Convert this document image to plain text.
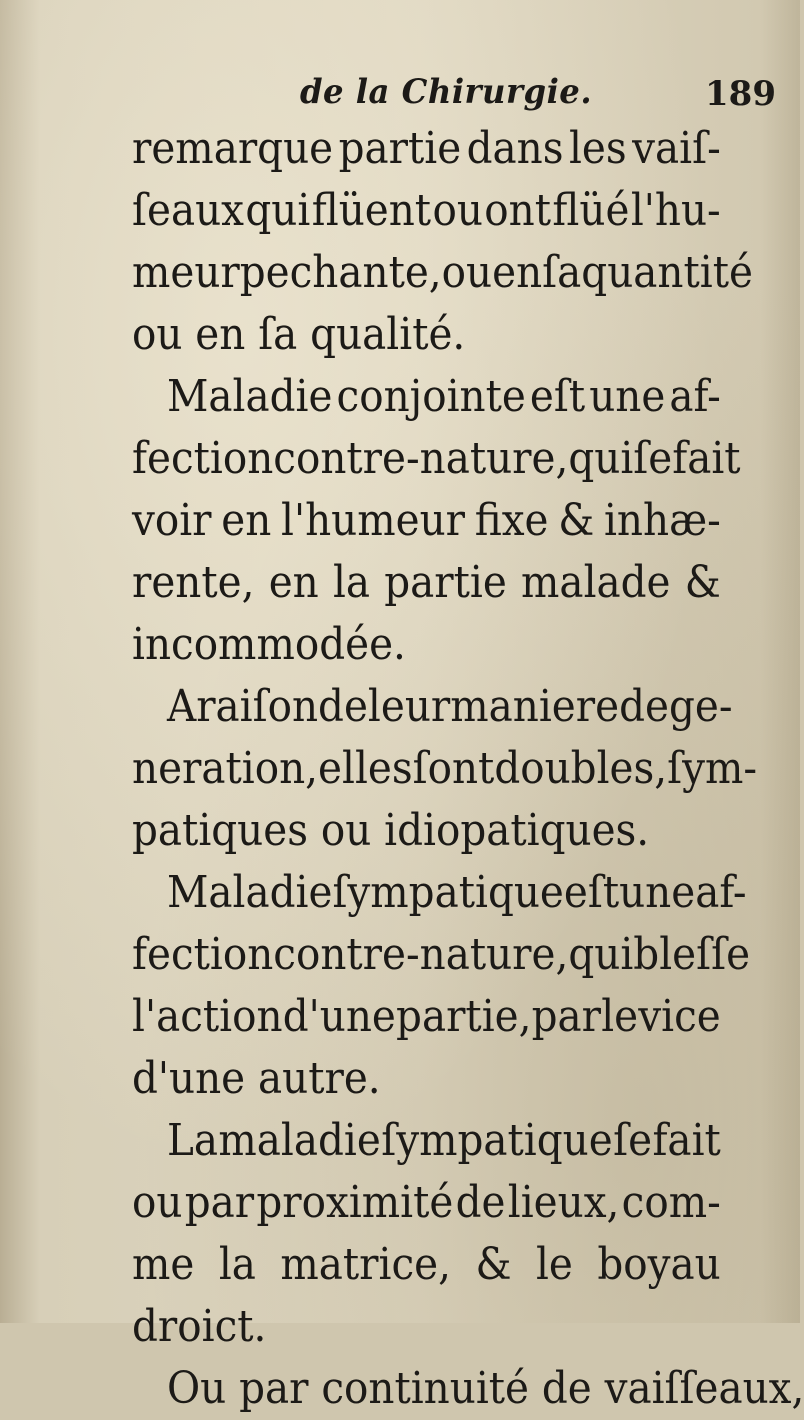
de la Chirurgie.	189
remarque partie dans les vaiſ-
ſeaux qui flüent ou ont flüé l'hu-
meur pechante, ou en ſa quantité
ou en ſa qualité.
Maladie conjointe eſt une af-
fection contre-nature, qui ſe fait
voir en l'humeur fixe & inhæ-
rente, en la partie malade &
incommodée.
A raiſon de leur maniere de ge-
neration, elles ſont doubles, ſym-
patiques ou idiopatiques.
Maladie ſympatique eſt une af-
fection contre-nature, qui bleſſe
l'action d'une partie, par le vice
d'une autre.
La maladie ſympatique ſe fait
ou par proximité de lieux, com-
me la matrice, & le boyau
droict.
Ou par continuité de vaiſſeaux,
